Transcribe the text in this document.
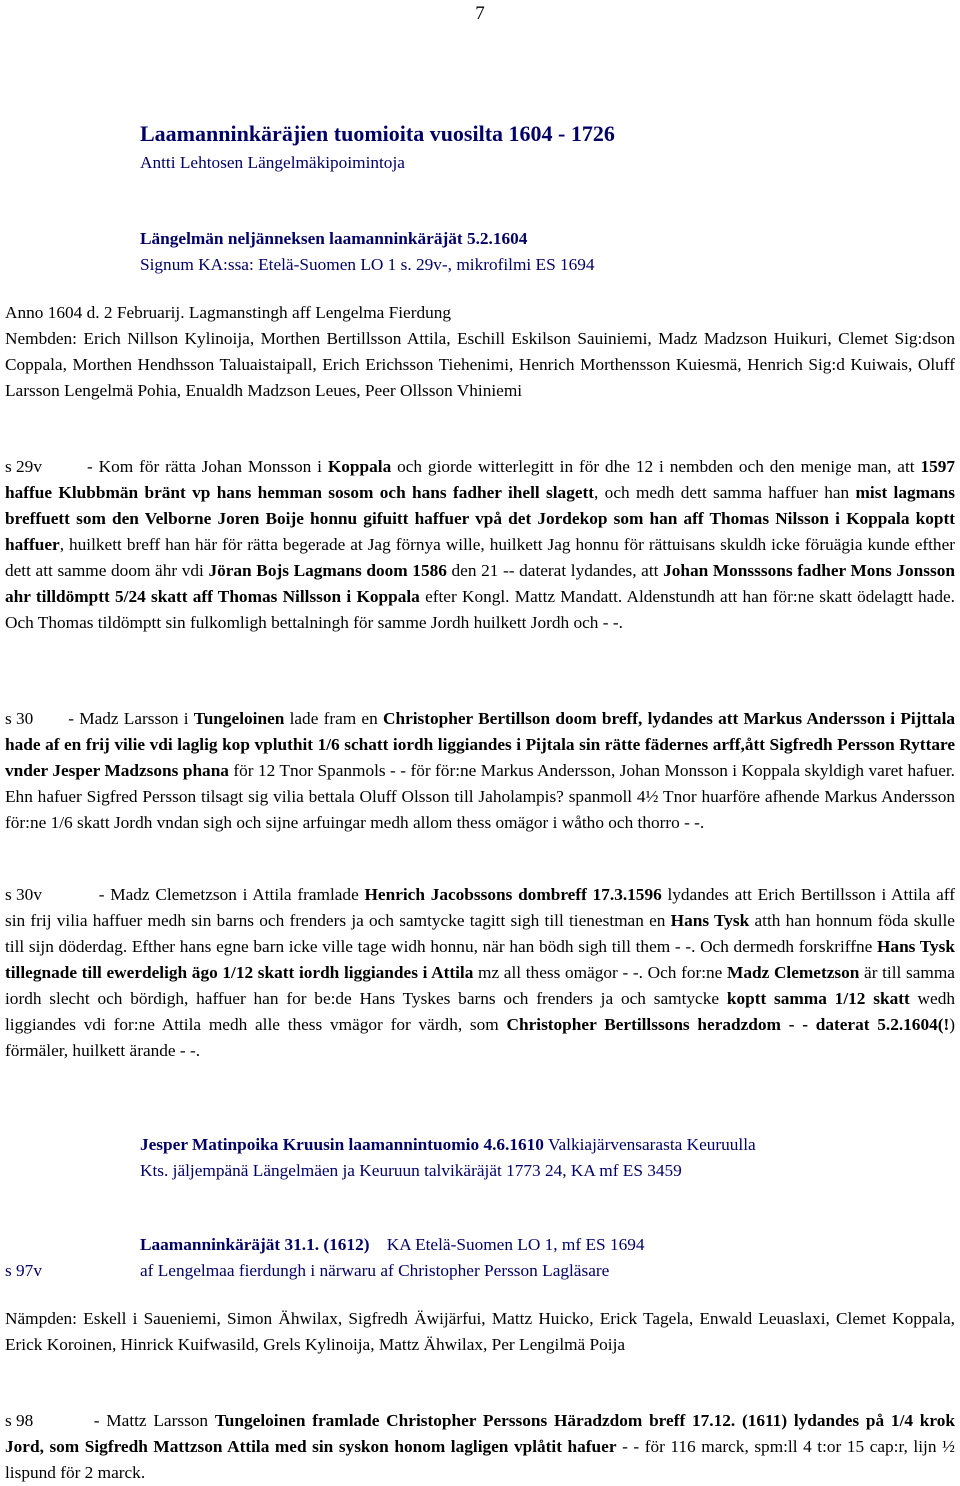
7
Laamanninkäräjien tuomioita vuosilta 1604 - 1726
Antti Lehtosen Längelmäkipoimintoja
Längelmän neljänneksen laamanninkäräjät 5.2.1604
Signum KA:ssa: Etelä-Suomen LO 1 s. 29v-, mikrofilmi ES 1694
Anno 1604 d. 2 Februarij. Lagmanstingh aff Lengelma Fierdung
Nembden: Erich Nillson Kylinoija, Morthen Bertillsson Attila, Eschill Eskilson Sauiniemi, Madz Madzson Huikuri, Clemet Sig:dson Coppala, Morthen Hendhsson Taluaistaipall, Erich Erichsson Tiehenimi, Henrich Morthensson Kuiesmä, Henrich Sig:d Kuiwais, Oluff Larsson Lengelmä Pohia, Enualdh Madzson Leues, Peer Ollsson Vhiniemi
s 29v	- Kom för rätta Johan Monsson i Koppala och giorde witterlegitt in för dhe 12 i nembden och den menige man, att 1597 haffue Klubbmän bränt vp hans hemman sosom och hans fadher ihell slagett, och medh dett samma haffuer han mist lagmans breffuett som den Velborne Joren Boije honnu gifuitt haffuer vpå det Jordekop som han aff Thomas Nilsson i Koppala koptt haffuer, huilkett breff han här för rätta begerade at Jag förnya wille, huilkett Jag honnu för rättuisans skuldh icke föruägia kunde efther dett att samme doom ähr vdi Jöran Bojs Lagmans doom 1586 den 21 -- daterat lydandes, att Johan Monsssons fadher Mons Jonsson ahr tilldömptt 5/24 skatt aff Thomas Nillsson i Koppala efter Kongl. Mattz Mandatt. Aldenstundh att han för:ne skatt ödelagtt hade. Och Thomas tildömptt sin fulkomligh bettalningh för samme Jordh huilkett Jordh och - -.
s 30 - Madz Larsson i Tungeloinen lade fram en Christopher Bertillson doom breff, lydandes att Markus Andersson i Pijttala hade af en frij vilie vdi laglig kop vpluthit 1/6 schatt iordh liggiandes i Pijtala sin rätte fädernes arff,ått Sigfredh Persson Ryttare vnder Jesper Madzsons phana för 12 Tnor Spanmols - - för för:ne Markus Andersson, Johan Monsson i Koppala skyldigh varet hafuer. Ehn hafuer Sigfred Persson tilsagt sig vilia bettala Oluff Olsson till Jaholampis? spanmoll 4½ Tnor huarföre afhende Markus Andersson för:ne 1/6 skatt Jordh vndan sigh och sijne arfuingar medh allom thess omägor i wåtho och thorro - -.
s 30v	- Madz Clemetzson i Attila framlade Henrich Jacobssons dombreff 17.3.1596 lydandes att Erich Bertillsson i Attila aff sin frij vilia haffuer medh sin barns och frenders ja och samtycke tagitt sigh till tienestman en Hans Tysk atth han honnum föda skulle till sijn döderdag. Efther hans egne barn icke ville tage widh honnu, när han bödh sigh till them - -. Och dermedh forskriffne Hans Tysk tillegnade till ewerdeligh ägo 1/12 skatt iordh liggiandes i Attila mz all thess omägor - -. Och for:ne Madz Clemetzson är till samma iordh slecht och bördigh, haffuer han for be:de Hans Tyskes barns och frenders ja och samtycke koptt samma 1/12 skatt wedh liggiandes vdi for:ne Attila medh alle thess vmägor for värdh, som Christopher Bertillssons heradzdom - - daterat 5.2.1604(!) förmäler, huilkett ärande - -.
Jesper Matinpoika Kruusin laamannintuomio 4.6.1610 Valkiajärvensarasta Keuruulla
Kts. jäljempänä Längelmäen ja Keuruun talvikäräjät 1773 24, KA mf ES 3459
Laamanninkäräjät 31.1. (1612)    KA Etelä-Suomen LO 1, mf ES 1694
s 97v	af Lengelmaa fierdungh i närwaru af Christopher Persson Lagläsare
Nämpden: Eskell i Saueniemi, Simon Ähwilax, Sigfredh Äwijärfui, Mattz Huicko, Erick Tagela, Enwald Leuaslaxi, Clemet Koppala, Erick Koroinen, Hinrick Kuifwasild, Grels Kylinoija, Mattz Ähwilax, Per Lengilmä Poija
s 98	- Mattz Larsson Tungeloinen framlade Christopher Perssons Häradzdom breff 17.12. (1611) lydandes på 1/4 krok Jord, som Sigfredh Mattzson Attila med sin syskon honom lagligen vplåtit hafuer - - för 116 marck, spm:ll 4 t:or 15 cap:r, lijn ½ lispund för 2 marck.
